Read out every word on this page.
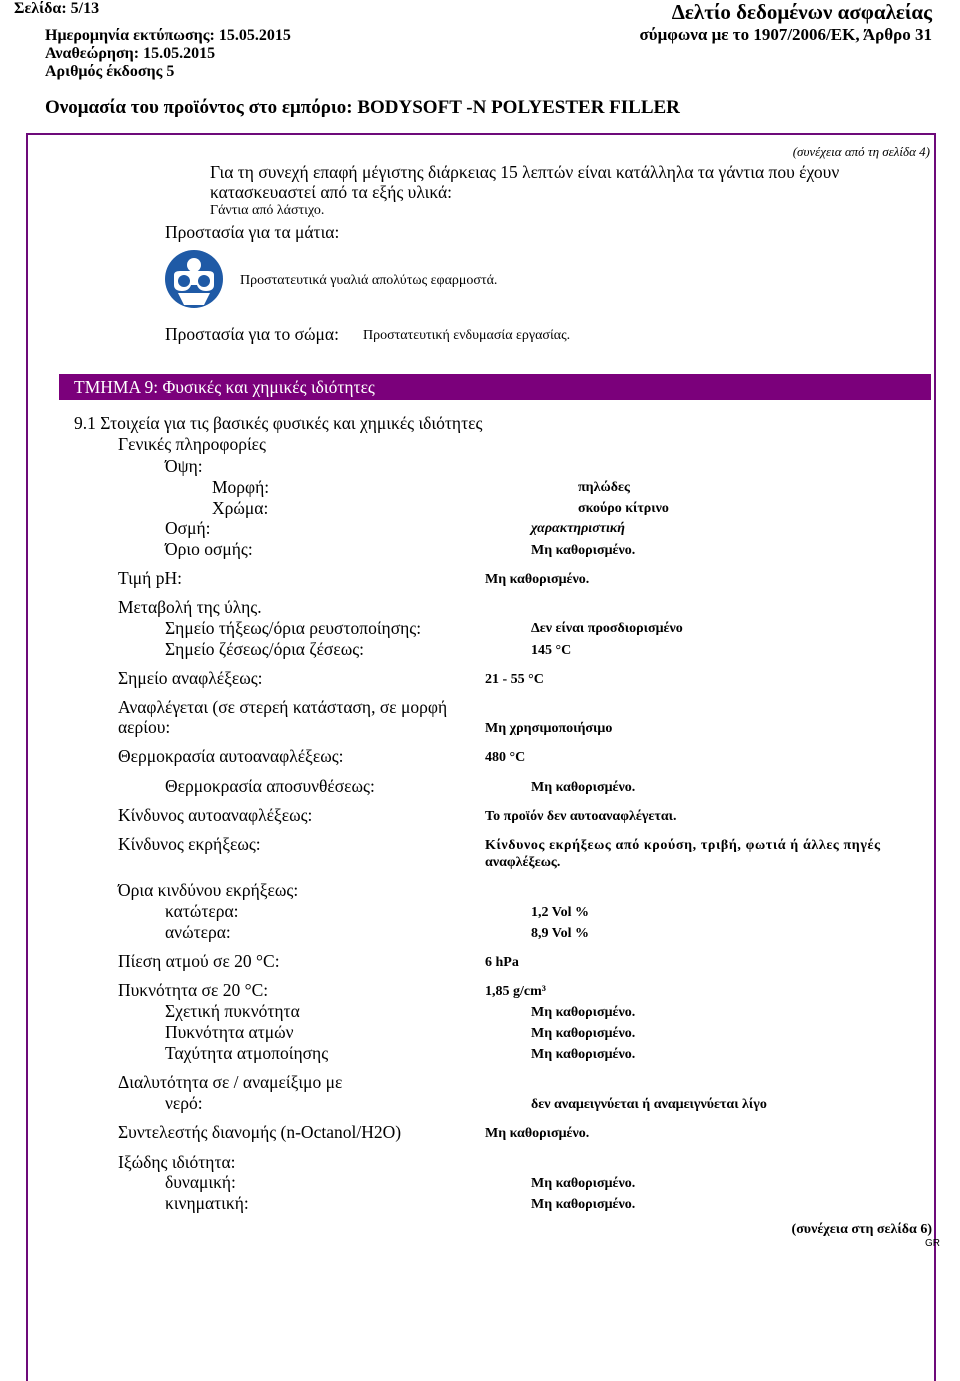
Σελίδα: 5/13
Ημερομηνία εκτύπωσης: 15.05.2015
Αναθεώρηση: 15.05.2015
Αριθμός έκδοσης 5
Δελτίο δεδομένων ασφαλείας
σύμφωνα με το 1907/2006/ΕΚ, Άρθρο 31
Ονομασία του προϊόντος στο εμπόριο: BODYSOFT -N POLYESTER FILLER
(συνέχεια από τη σελίδα 4)
Για τη συνεχή επαφή μέγιστης διάρκειας 15 λεπτών είναι κατάλληλα τα γάντια που έχουν
κατασκευαστεί από τα εξής υλικά:
Γάντια από λάστιχο.
Προστασία για τα μάτια:
Προστατευτικά γυαλιά απολύτως εφαρμοστά.
Προστασία για το σώμα: Προστατευτική ενδυμασία εργασίας.
ΤΜΗΜΑ 9: Φυσικές και χημικές ιδιότητες
9.1 Στοιχεία για τις βασικές φυσικές και χημικές ιδιότητες
Γενικές πληροφορίες
Όψη:
Μορφή:	πηλώδες
Χρώμα:	σκούρο κίτρινο
Οσμή:	χαρακτηριστική
Όριο οσμής:	Μη καθορισμένο.
Τιμή pH:	Μη καθορισμένο.
Μεταβολή της ύλης.
Σημείο τήξεως/όρια ρευστοποίησης:	Δεν είναι προσδιορισμένο
Σημείο ζέσεως/όρια ζέσεως:	145 °C
Σημείο αναφλέξεως:	21 - 55 °C
Αναφλέγεται (σε στερεή κατάσταση, σε μορφή
αερίου:	Μη χρησιμοποιήσιμο
Θερμοκρασία αυτοαναφλέξεως:	480 °C
Θερμοκρασία αποσυνθέσεως:	Μη καθορισμένο.
Κίνδυνος αυτοαναφλέξεως:	Το προϊόν δεν αυτοαναφλέγεται.
Κίνδυνος εκρήξεως:	Κίνδυνος εκρήξεως από κρούση, τριβή, φωτιά ή άλλες πηγές
αναφλέξεως.
Όρια κινδύνου εκρήξεως:
κατώτερα:	1,2 Vol %
ανώτερα:	8,9 Vol %
Πίεση ατμού σε 20 °C:	6 hPa
Πυκνότητα σε 20 °C:	1,85 g/cm³
Σχετική πυκνότητα	Μη καθορισμένο.
Πυκνότητα ατμών	Μη καθορισμένο.
Ταχύτητα ατμοποίησης	Μη καθορισμένο.
Διαλυτότητα σε / αναμείξιμο με
νερό:	δεν αναμειγνύεται ή αναμειγνύεται λίγο
Συντελεστής διανομής (n-Octanol/H2O)	Μη καθορισμένο.
Ιξώδης ιδιότητα:
δυναμική:	Μη καθορισμένο.
κινηματική:	Μη καθορισμένο.
(συνέχεια στη σελίδα 6)
GR
